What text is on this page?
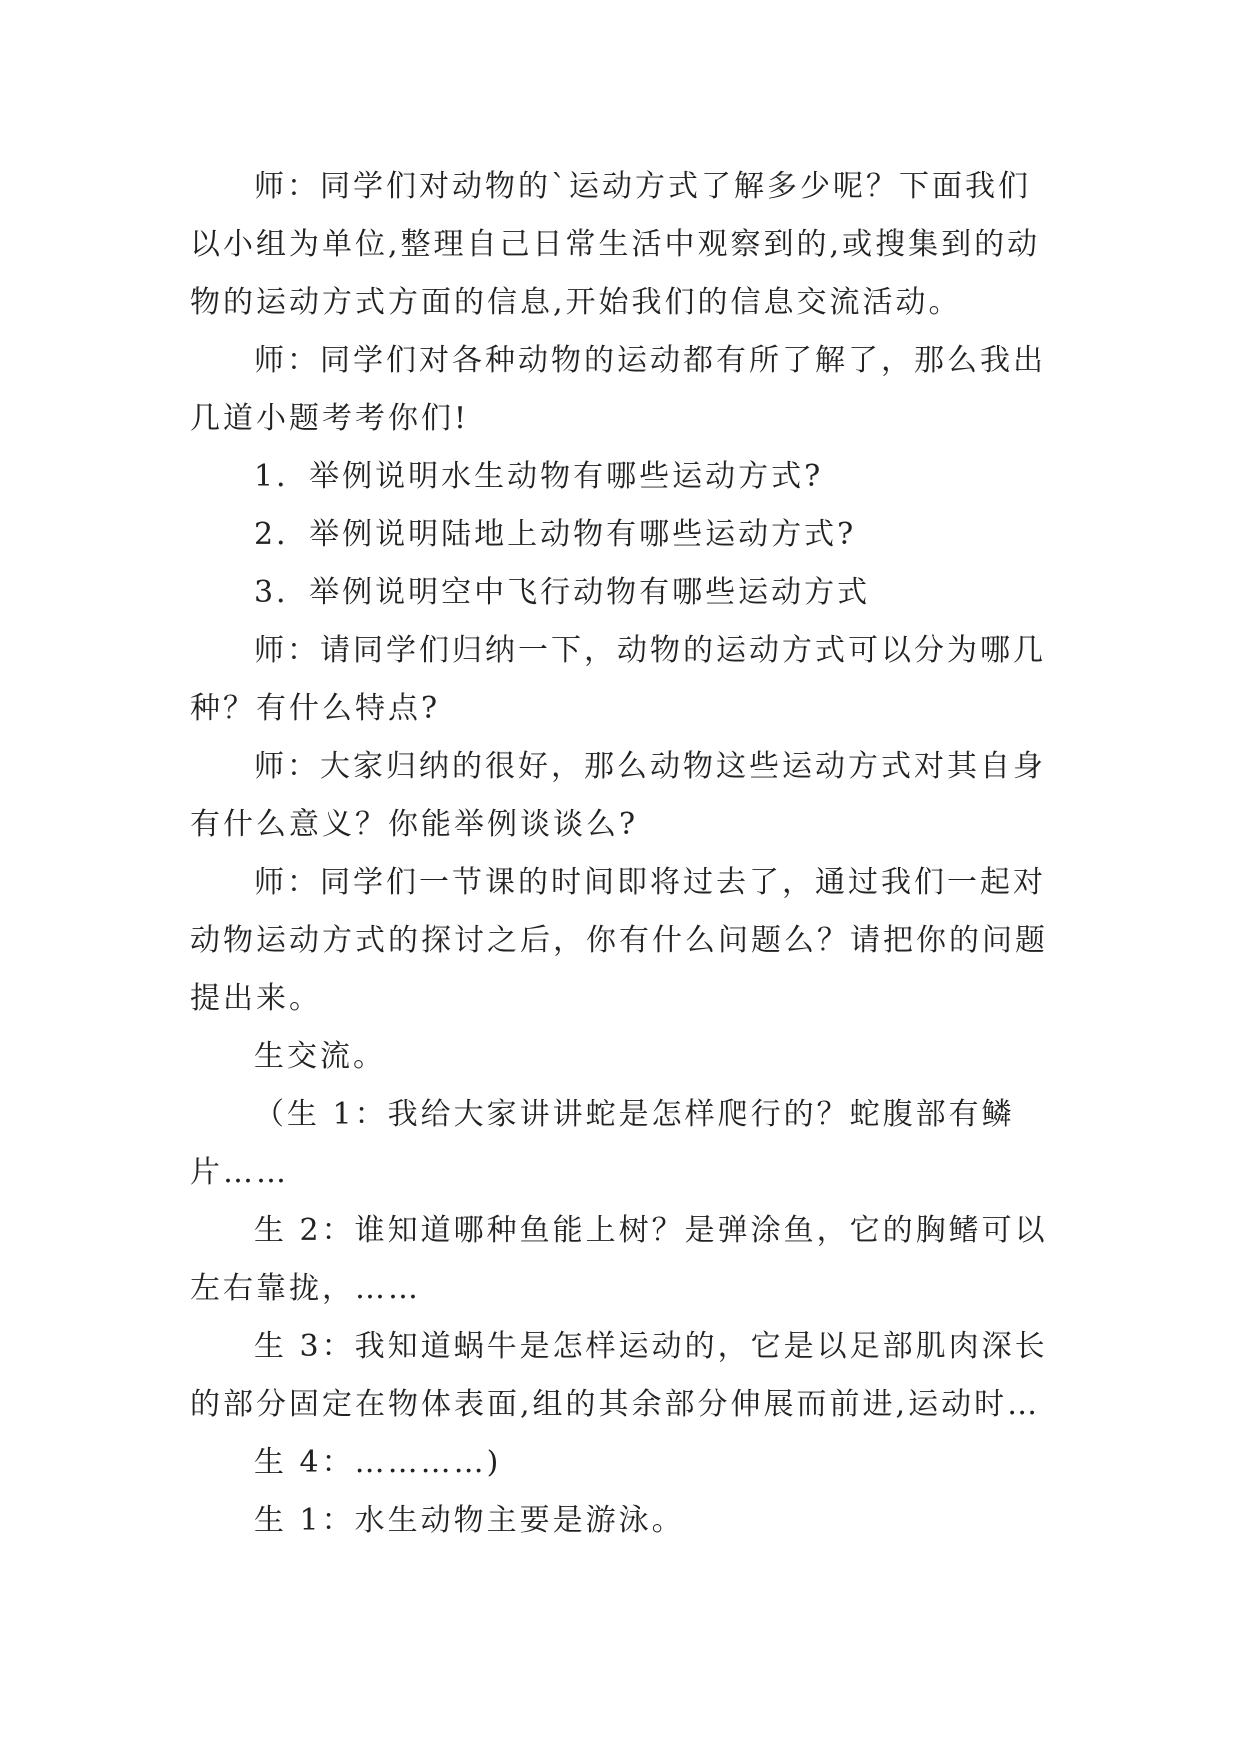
师：同学们对动物的`运动方式了解多少呢？下面我们以小组为单位,整理自己日常生活中观察到的,或搜集到的动物的运动方式方面的信息,开始我们的信息交流活动。

师：同学们对各种动物的运动都有所了解了，那么我出几道小题考考你们!

1．举例说明水生动物有哪些运动方式?

2．举例说明陆地上动物有哪些运动方式?

3．举例说明空中飞行动物有哪些运动方式

师：请同学们归纳一下，动物的运动方式可以分为哪几种？有什么特点?

师：大家归纳的很好，那么动物这些运动方式对其自身有什么意义？你能举例谈谈么?

师：同学们一节课的时间即将过去了，通过我们一起对动物运动方式的探讨之后，你有什么问题么？请把你的问题提出来。

生交流。

（生 1：我给大家讲讲蛇是怎样爬行的？蛇腹部有鳞片……

生 2：谁知道哪种鱼能上树？是弹涂鱼，它的胸鳍可以左右靠拢，……

生 3：我知道蜗牛是怎样运动的，它是以足部肌肉深长的部分固定在物体表面,组的其余部分伸展而前进,运动时…

生 4：…………)

生 1：水生动物主要是游泳。
